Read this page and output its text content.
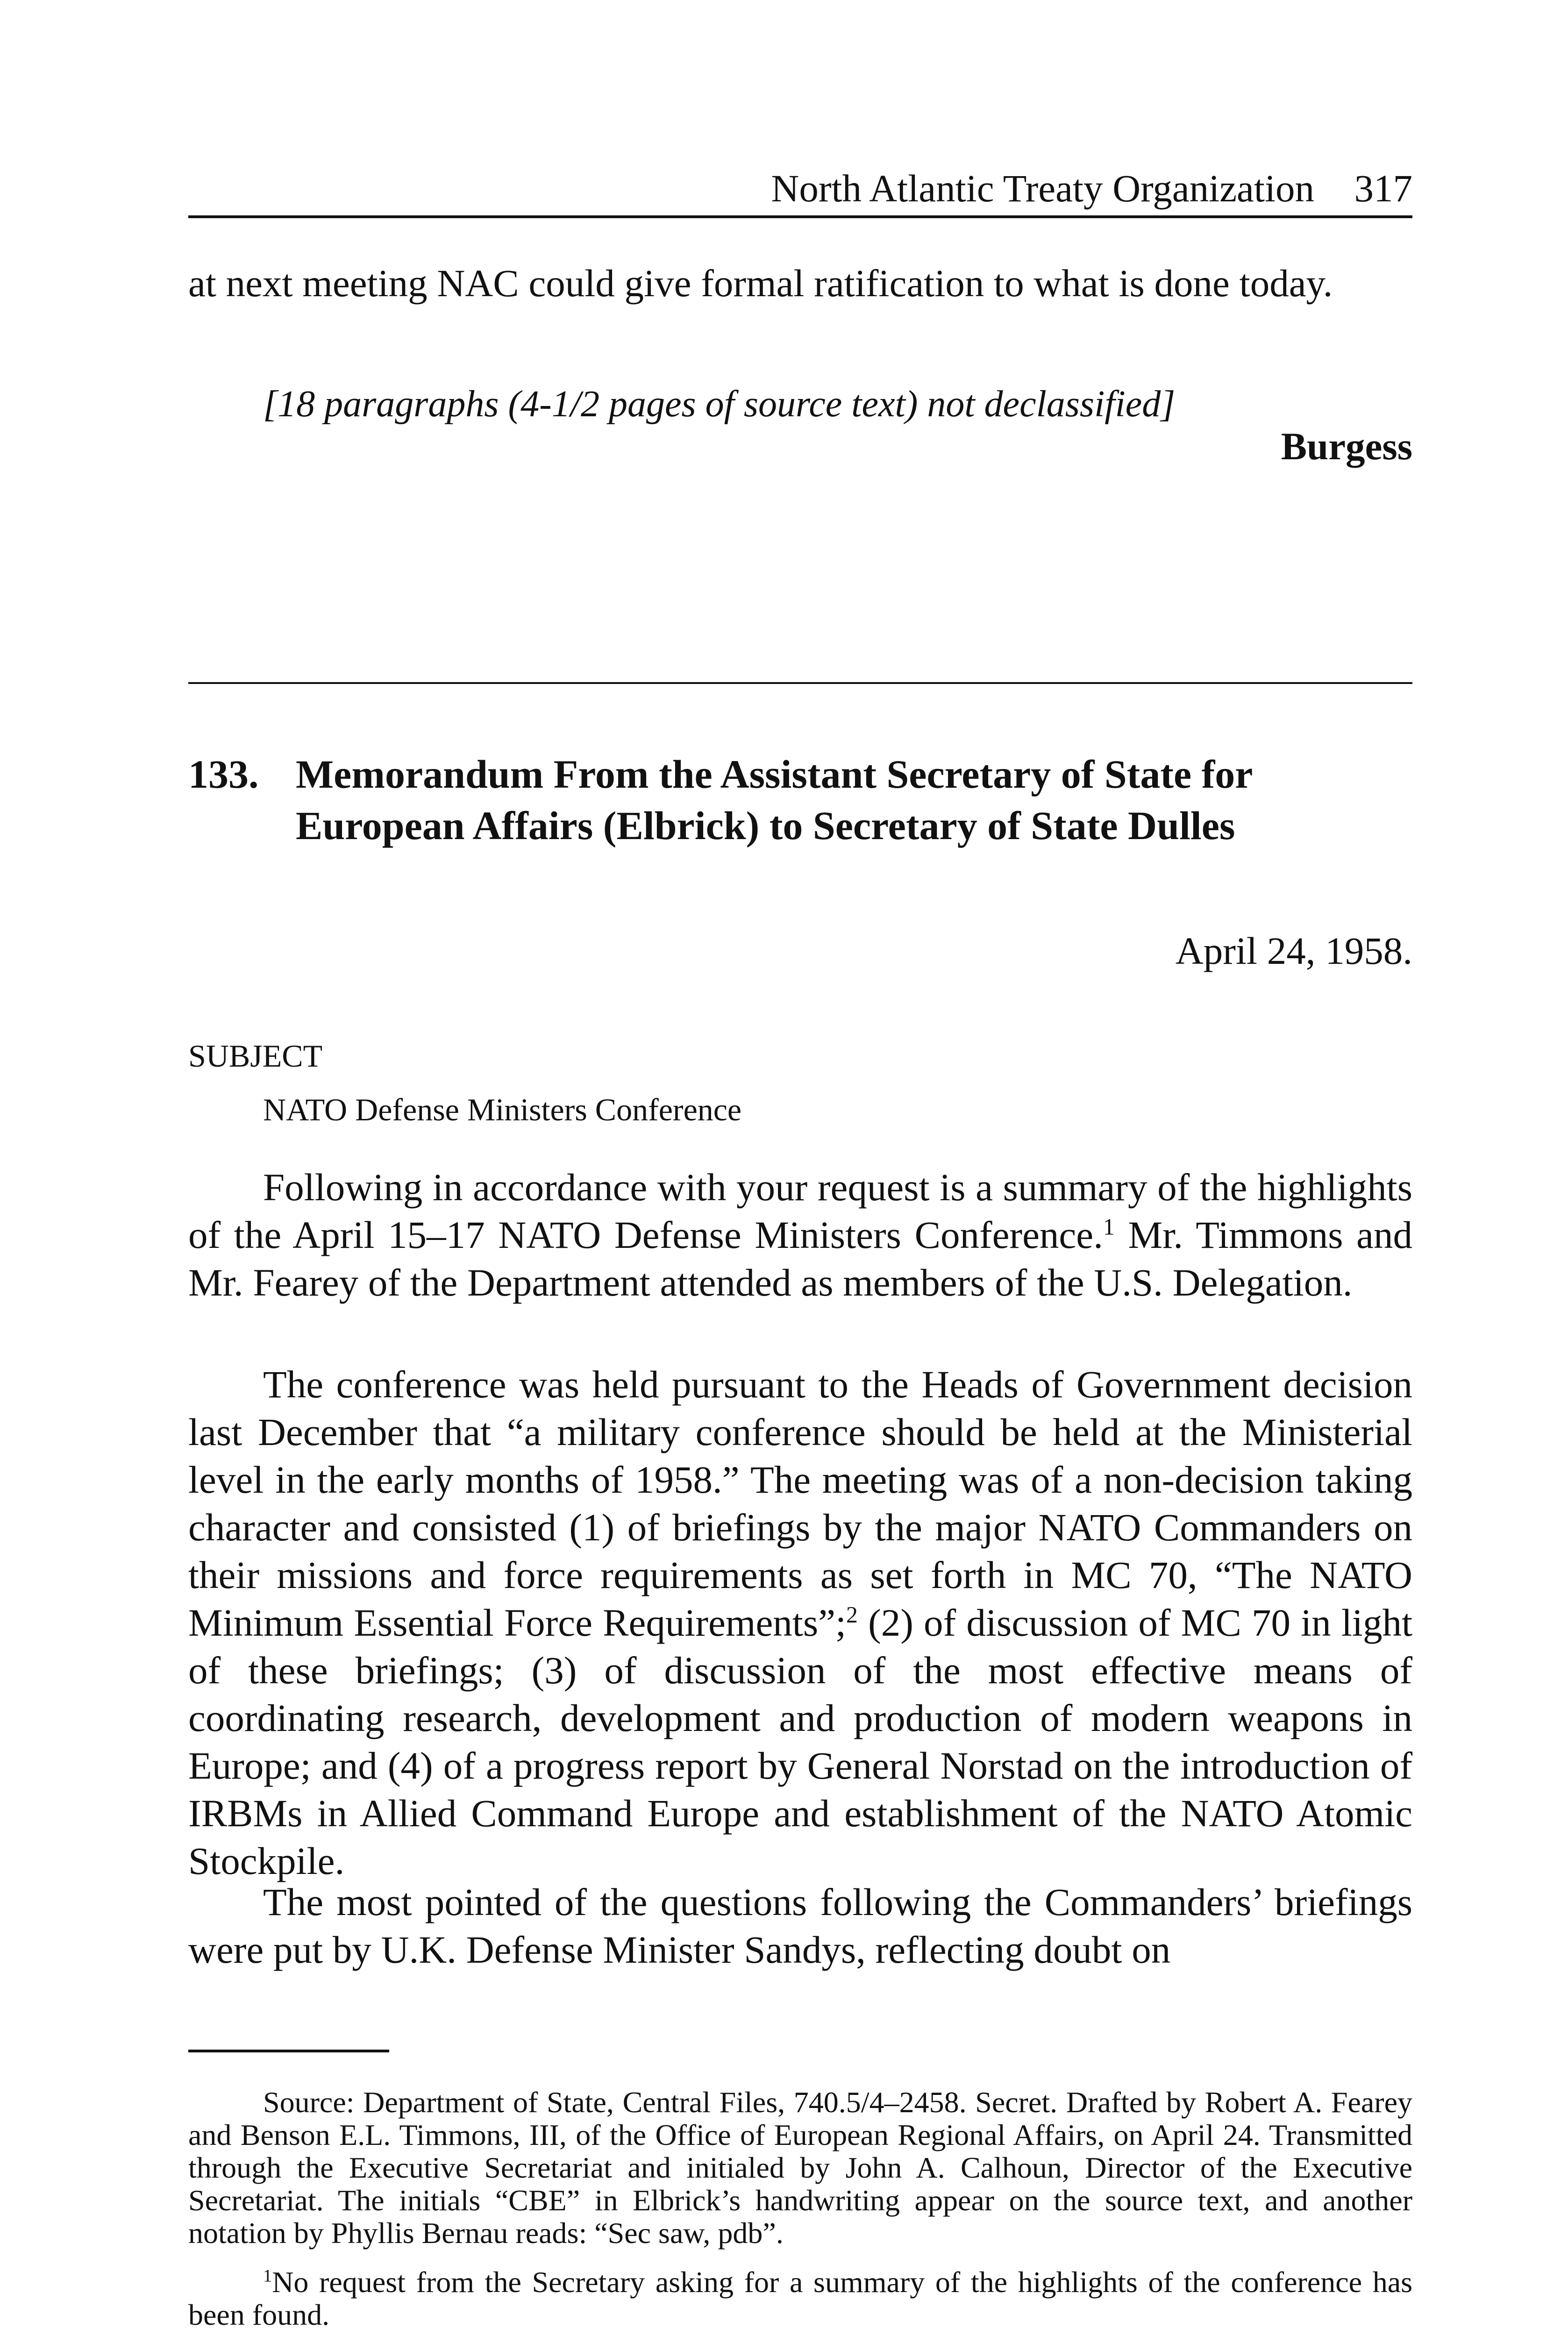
North Atlantic Treaty Organization 317

at next meeting NAC could give formal ratification to what is done today.

[18 paragraphs (4-1/2 pages of source text) not declassified]

Burgess

133. Memorandum From the Assistant Secretary of State for European Affairs (Elbrick) to Secretary of State Dulles

April 24, 1958.

SUBJECT

NATO Defense Ministers Conference

Following in accordance with your request is a summary of the highlights of the April 15–17 NATO Defense Ministers Conference.$^1$ Mr. Timmons and Mr. Fearey of the Department attended as members of the U.S. Delegation.

The conference was held pursuant to the Heads of Government decision last December that “a military conference should be held at the Ministerial level in the early months of 1958.” The meeting was of a non-decision taking character and consisted (1) of briefings by the major NATO Commanders on their missions and force requirements as set forth in MC 70, “The NATO Minimum Essential Force Requirements”;$^2$ (2) of discussion of MC 70 in light of these briefings; (3) of discussion of the most effective means of coordinating research, development and production of modern weapons in Europe; and (4) of a progress report by General Norstad on the introduction of IRBMs in Allied Command Europe and establishment of the NATO Atomic Stockpile.

The most pointed of the questions following the Commanders’ briefings were put by U.K. Defense Minister Sandys, reflecting doubt on

Source: Department of State, Central Files, 740.5/4–2458. Secret. Drafted by Robert A. Fearey and Benson E.L. Timmons, III, of the Office of European Regional Affairs, on April 24. Transmitted through the Executive Secretariat and initialed by John A. Calhoun, Director of the Executive Secretariat. The initials “CBE” in Elbrick’s handwriting appear on the source text, and another notation by Phyllis Bernau reads: “Sec saw, pdb”.

$^1$No request from the Secretary asking for a summary of the highlights of the conference has been found.
